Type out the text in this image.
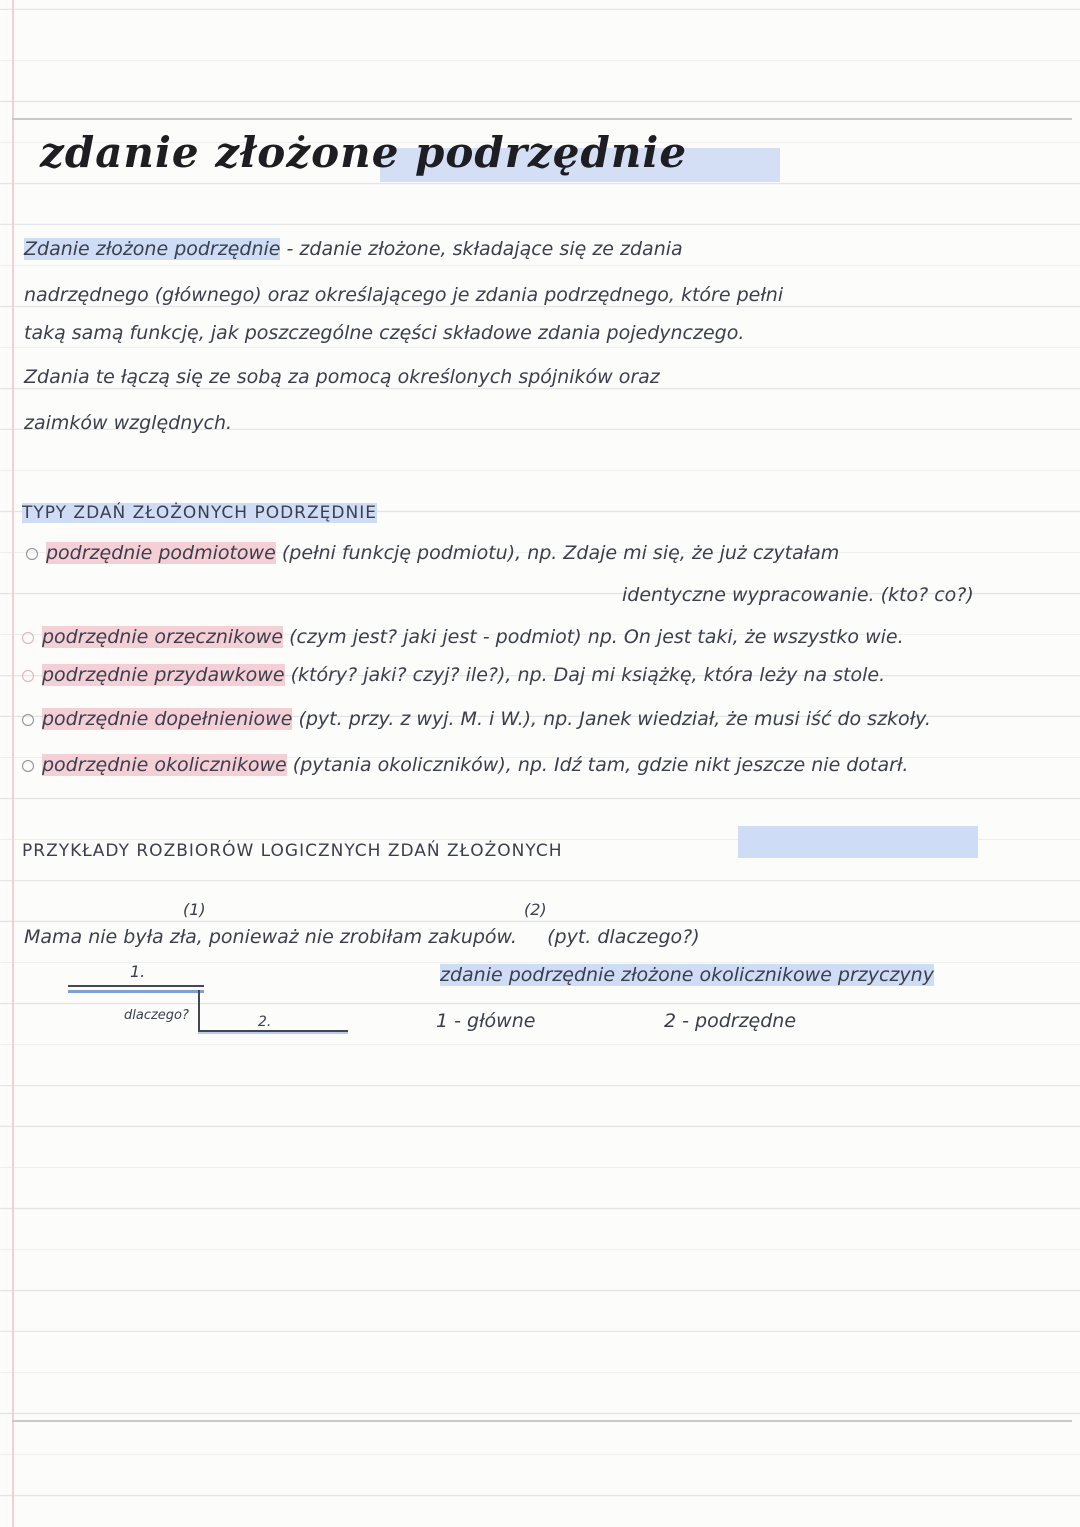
zdanie złożone podrzędnie
Zdanie złożone podrzędnie - zdanie złożone, składające się ze zdania
nadrzędnego (głównego) oraz określającego je zdania podrzędnego, które pełni
taką samą funkcję, jak poszczególne części składowe zdania pojedynczego.
Zdania te łączą się ze sobą za pomocą określonych spójników oraz
zaimków względnych.
TYPY ZDAŃ ZŁOŻONYCH PODRZĘDNIE
podrzędnie podmiotowe (pełni funkcję podmiotu), np. Zdaje mi się, że już czytałam
identyczne wypracowanie. (kto? co?)
podrzędnie orzecznikowe (czym jest? jaki jest - podmiot) np. On jest taki, że wszystko wie.
podrzędnie przydawkowe (który? jaki? czyj? ile?), np. Daj mi książkę, która leży na stole.
podrzędnie dopełnieniowe (pyt. przy. z wyj. M. i W.), np. Janek wiedział, że musi iść do szkoły.
podrzędnie okolicznikowe (pytania okoliczników), np. Idź tam, gdzie nikt jeszcze nie dotarł.
PRZYKŁADY ROZBIORÓW LOGICZNYCH ZDAŃ ZŁOŻONYCH
(1)	(2)
Mama nie była zła, ponieważ nie zrobiłam zakupów. (pyt. dlaczego?)
zdanie podrzędnie złożone okolicznikowe przyczyny
1 - główne	2 - podrzędne
1.
dlaczego?	2.
